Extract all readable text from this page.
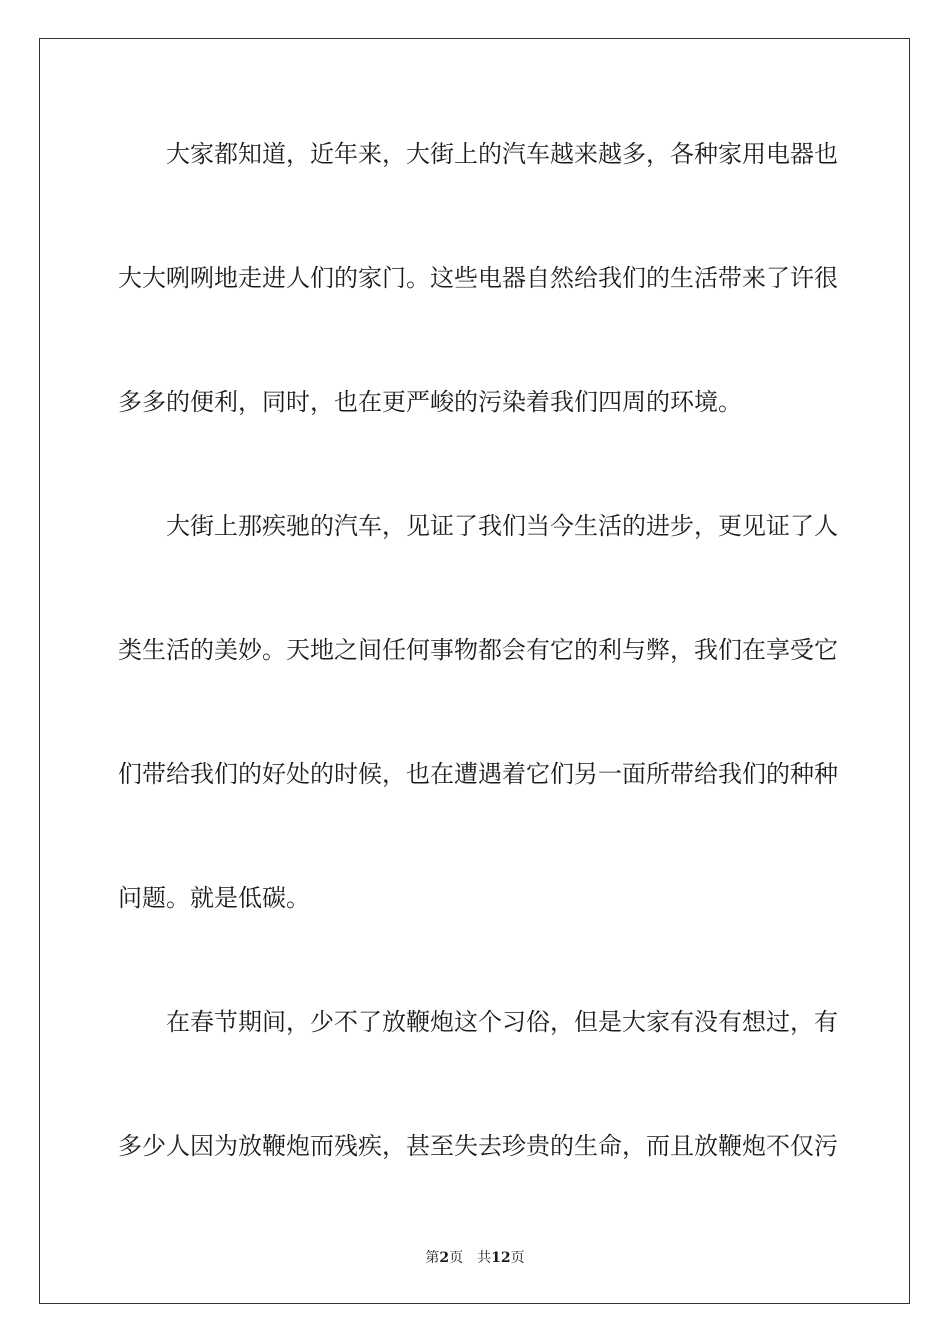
大家都知道，近年来，大街上的汽车越来越多，各种家用电器也
大大咧咧地走进人们的家门。这些电器自然给我们的生活带来了许很
多多的便利，同时，也在更严峻的污染着我们四周的环境。
大街上那疾驰的汽车，见证了我们当今生活的进步，更见证了人
类生活的美妙。天地之间任何事物都会有它的利与弊，我们在享受它
们带给我们的好处的时候，也在遭遇着它们另一面所带给我们的种种
问题。就是低碳。
在春节期间，少不了放鞭炮这个习俗，但是大家有没有想过，有
多少人因为放鞭炮而残疾，甚至失去珍贵的生命，而且放鞭炮不仅污
第2页 共12页
